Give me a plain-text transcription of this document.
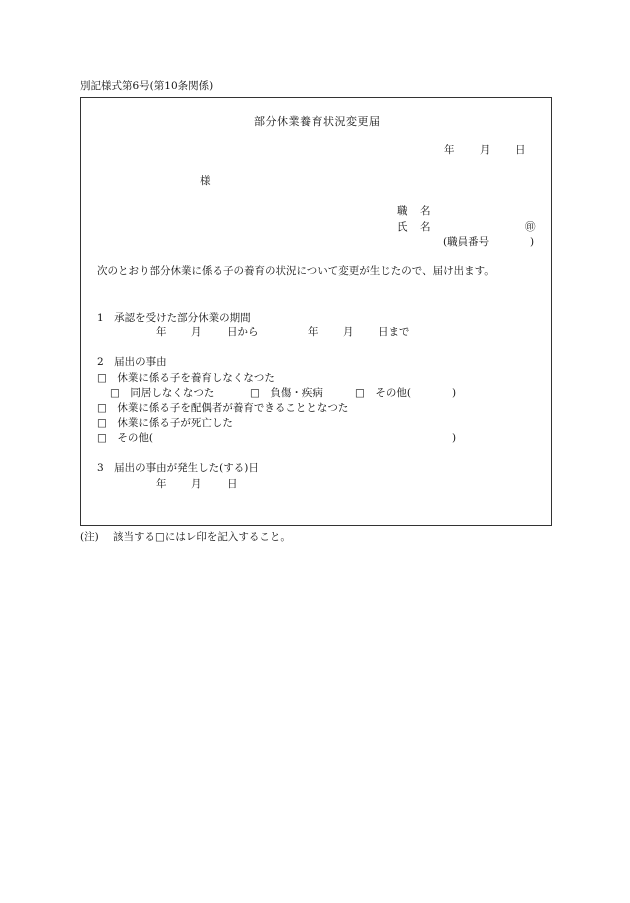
別記様式第6号(第10条関係)
部分休業養育状況変更届
年 月 日
様
職 名
氏 名	㊞
(職員番号	)
次のとおり部分休業に係る子の養育の状況について変更が生じたので、届け出ます。
1　承認を受けた部分休業の期間
年 月 日から	年 月 日まで
2　届出の事由
□　休業に係る子を養育しなくなつた
□　同居しなくなつた	□　負傷・疾病	□　その他(	)
□　休業に係る子を配偶者が養育できることとなつた
□　休業に係る子が死亡した
□　その他(	)
3　届出の事由が発生した(する)日
年 月 日
(注) 該当する□にはレ印を記入すること。
